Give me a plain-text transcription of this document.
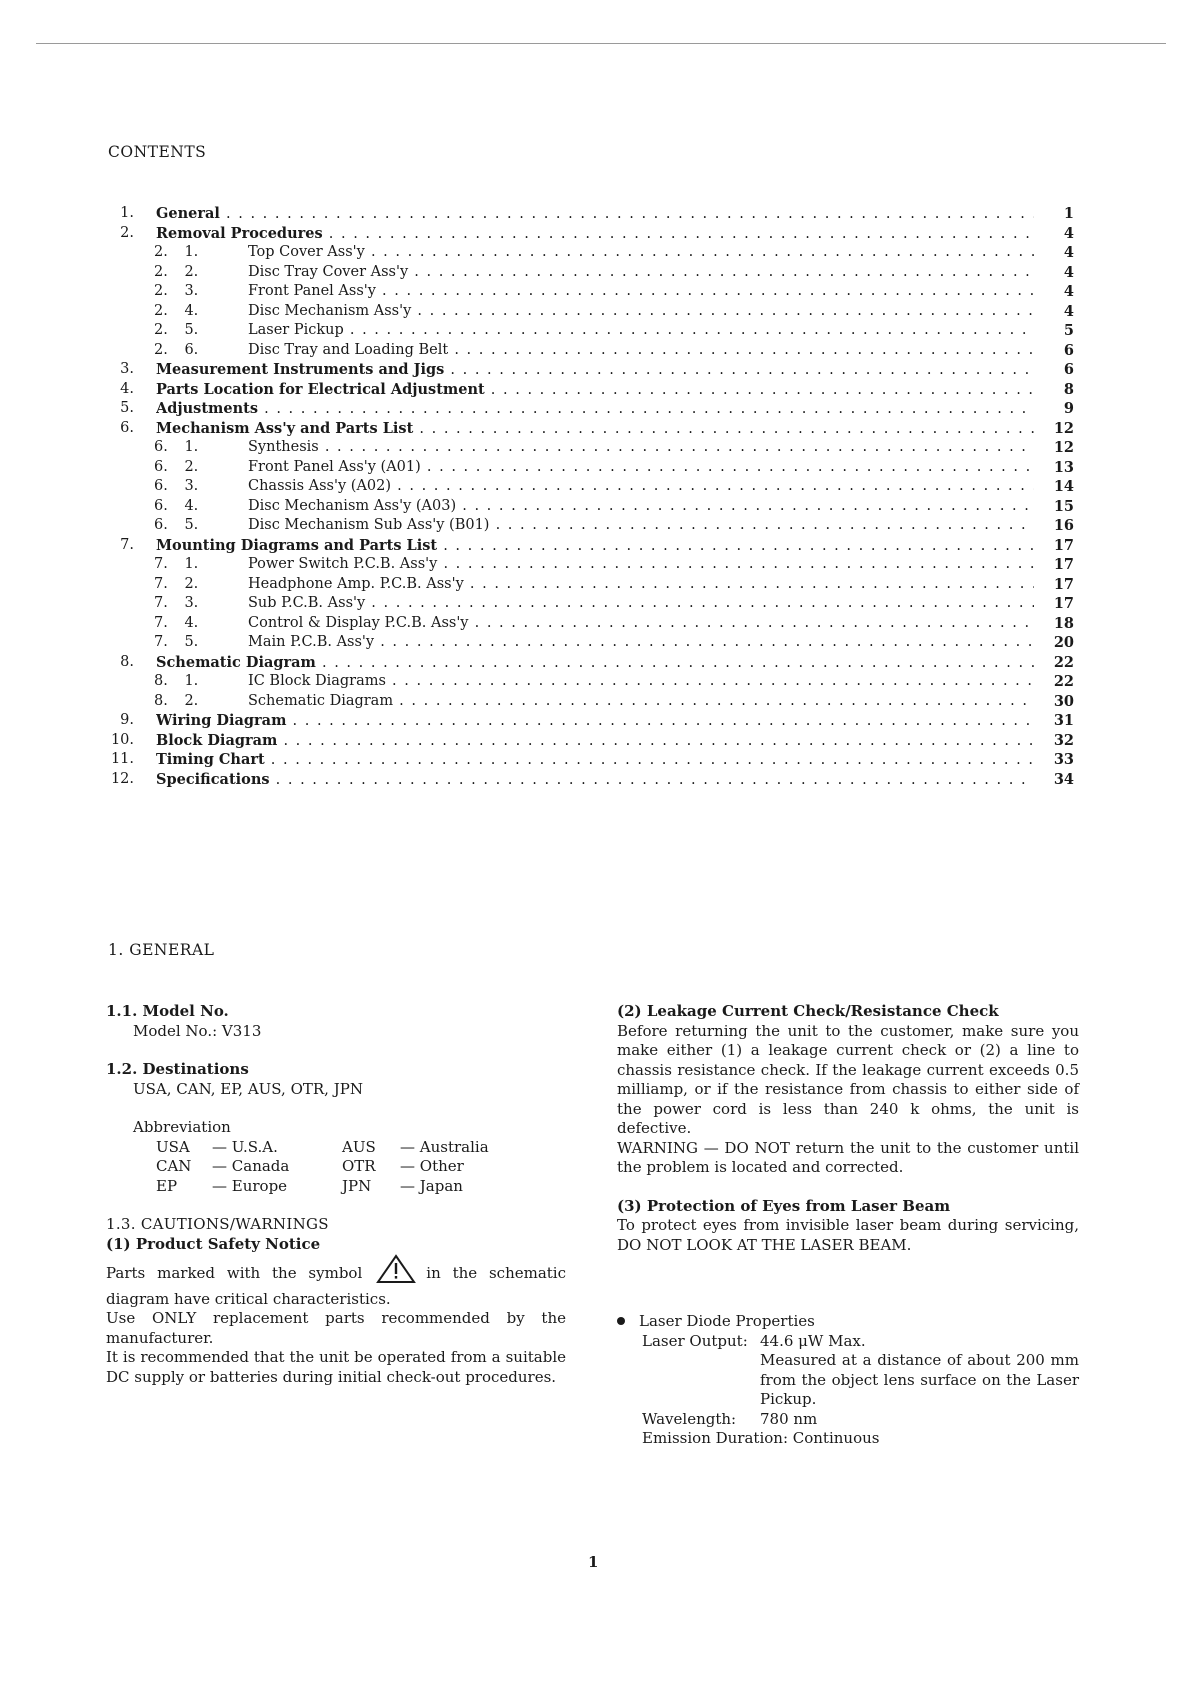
CONTENTS
1. General . . .	1
2. Removal Procedures . . .	4
2. 1.	Top Cover Ass'y . . .	4
2. 2.	Disc Tray Cover Ass'y . . .	4
2. 3.	Front Panel Ass'y . . .	4
2. 4.	Disc Mechanism Ass'y . . .	4
2. 5.	Laser Pickup . . .	5
2. 6.	Disc Tray and Loading Belt . . .	6
3. Measurement Instruments and Jigs . . .	6
4. Parts Location for Electrical Adjustment . . .	8
5. Adjustments . . .	9
6. Mechanism Ass'y and Parts List . . .	12
6. 1.	Synthesis . . .	12
6. 2.	Front Panel Ass'y (A01) . . .	13
6. 3.	Chassis Ass'y (A02) . . .	14
6. 4.	Disc Mechanism Ass'y (A03) . . .	15
6. 5.	Disc Mechanism Sub Ass'y (B01) . . .	16
7. Mounting Diagrams and Parts List . . .	17
7. 1.	Power Switch P.C.B. Ass'y . . .	17
7. 2.	Headphone Amp. P.C.B. Ass'y . . .	17
7. 3.	Sub P.C.B. Ass'y . . .	17
7. 4.	Control & Display P.C.B. Ass'y . . .	18
7. 5.	Main P.C.B. Ass'y . . .	20
8. Schematic Diagram . . .	22
8. 1.	IC Block Diagrams . . .	22
8. 2.	Schematic Diagram . . .	30
9. Wiring Diagram . . .	31
10. Block Diagram . . .	32
11. Timing Chart . . .	33
12. Specifications . . .	34
1. GENERAL
1.1. Model No.
Model No.: V313
1.2. Destinations
USA, CAN, EP, AUS, OTR, JPN
Abbreviation
USA	— U.S.A.	AUS	— Australia
CAN	— Canada	OTR	— Other
EP	— Europe	JPN	— Japan
1.3. CAUTIONS/WARNINGS
(1) Product Safety Notice
Parts marked with the symbol	in the schematic diagram have critical characteristics.
Use ONLY replacement parts recommended by the manufacturer.
It is recommended that the unit be operated from a suitable DC supply or batteries during initial check-out procedures.
(2) Leakage Current Check/Resistance Check
Before returning the unit to the customer, make sure you make either (1) a leakage current check or (2) a line to chassis resistance check. If the leakage current exceeds 0.5 milliamp, or if the resistance from chassis to either side of the power cord is less than 240 k ohms, the unit is defective.
WARNING — DO NOT return the unit to the customer until the problem is located and corrected.
(3) Protection of Eyes from Laser Beam
To protect eyes from invisible laser beam during servicing, DO NOT LOOK AT THE LASER BEAM.
Laser Diode Properties
Laser Output: 44.6 μW Max.
Measured at a distance of about 200 mm from the object lens surface on the Laser Pickup.
Wavelength: 780 nm
Emission Duration: Continuous
1
